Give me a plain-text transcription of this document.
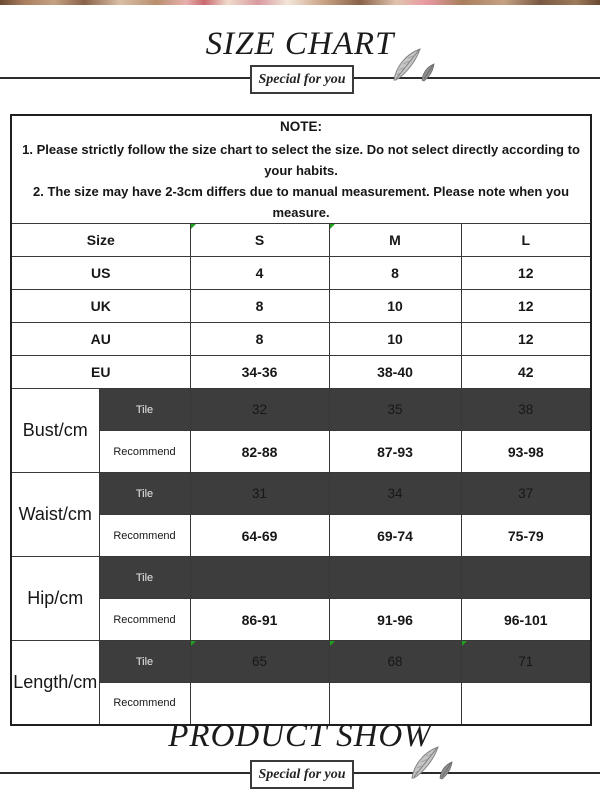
SIZE CHART
Special for you
NOTE:
1. Please strictly follow the size chart to select the size. Do not select directly according to your habits.
2. The size may have 2-3cm differs due to manual measurement. Please note when you measure.				

Size		S	M	L
US		4	8	12
UK		8	10	12
AU		8	10	12
EU		34-36	38-40	42
Bust/cm	Tile	32	35	38
	Recommend	82-88	87-93	93-98
Waist/cm	Tile	31	34	37
	Recommend	64-69	69-74	75-79
Hip/cm	Tile			
	Recommend	86-91	91-96	96-101
Length/cm	Tile	65	68	71
	Recommend			
PRODUCT SHOW
Special for you
